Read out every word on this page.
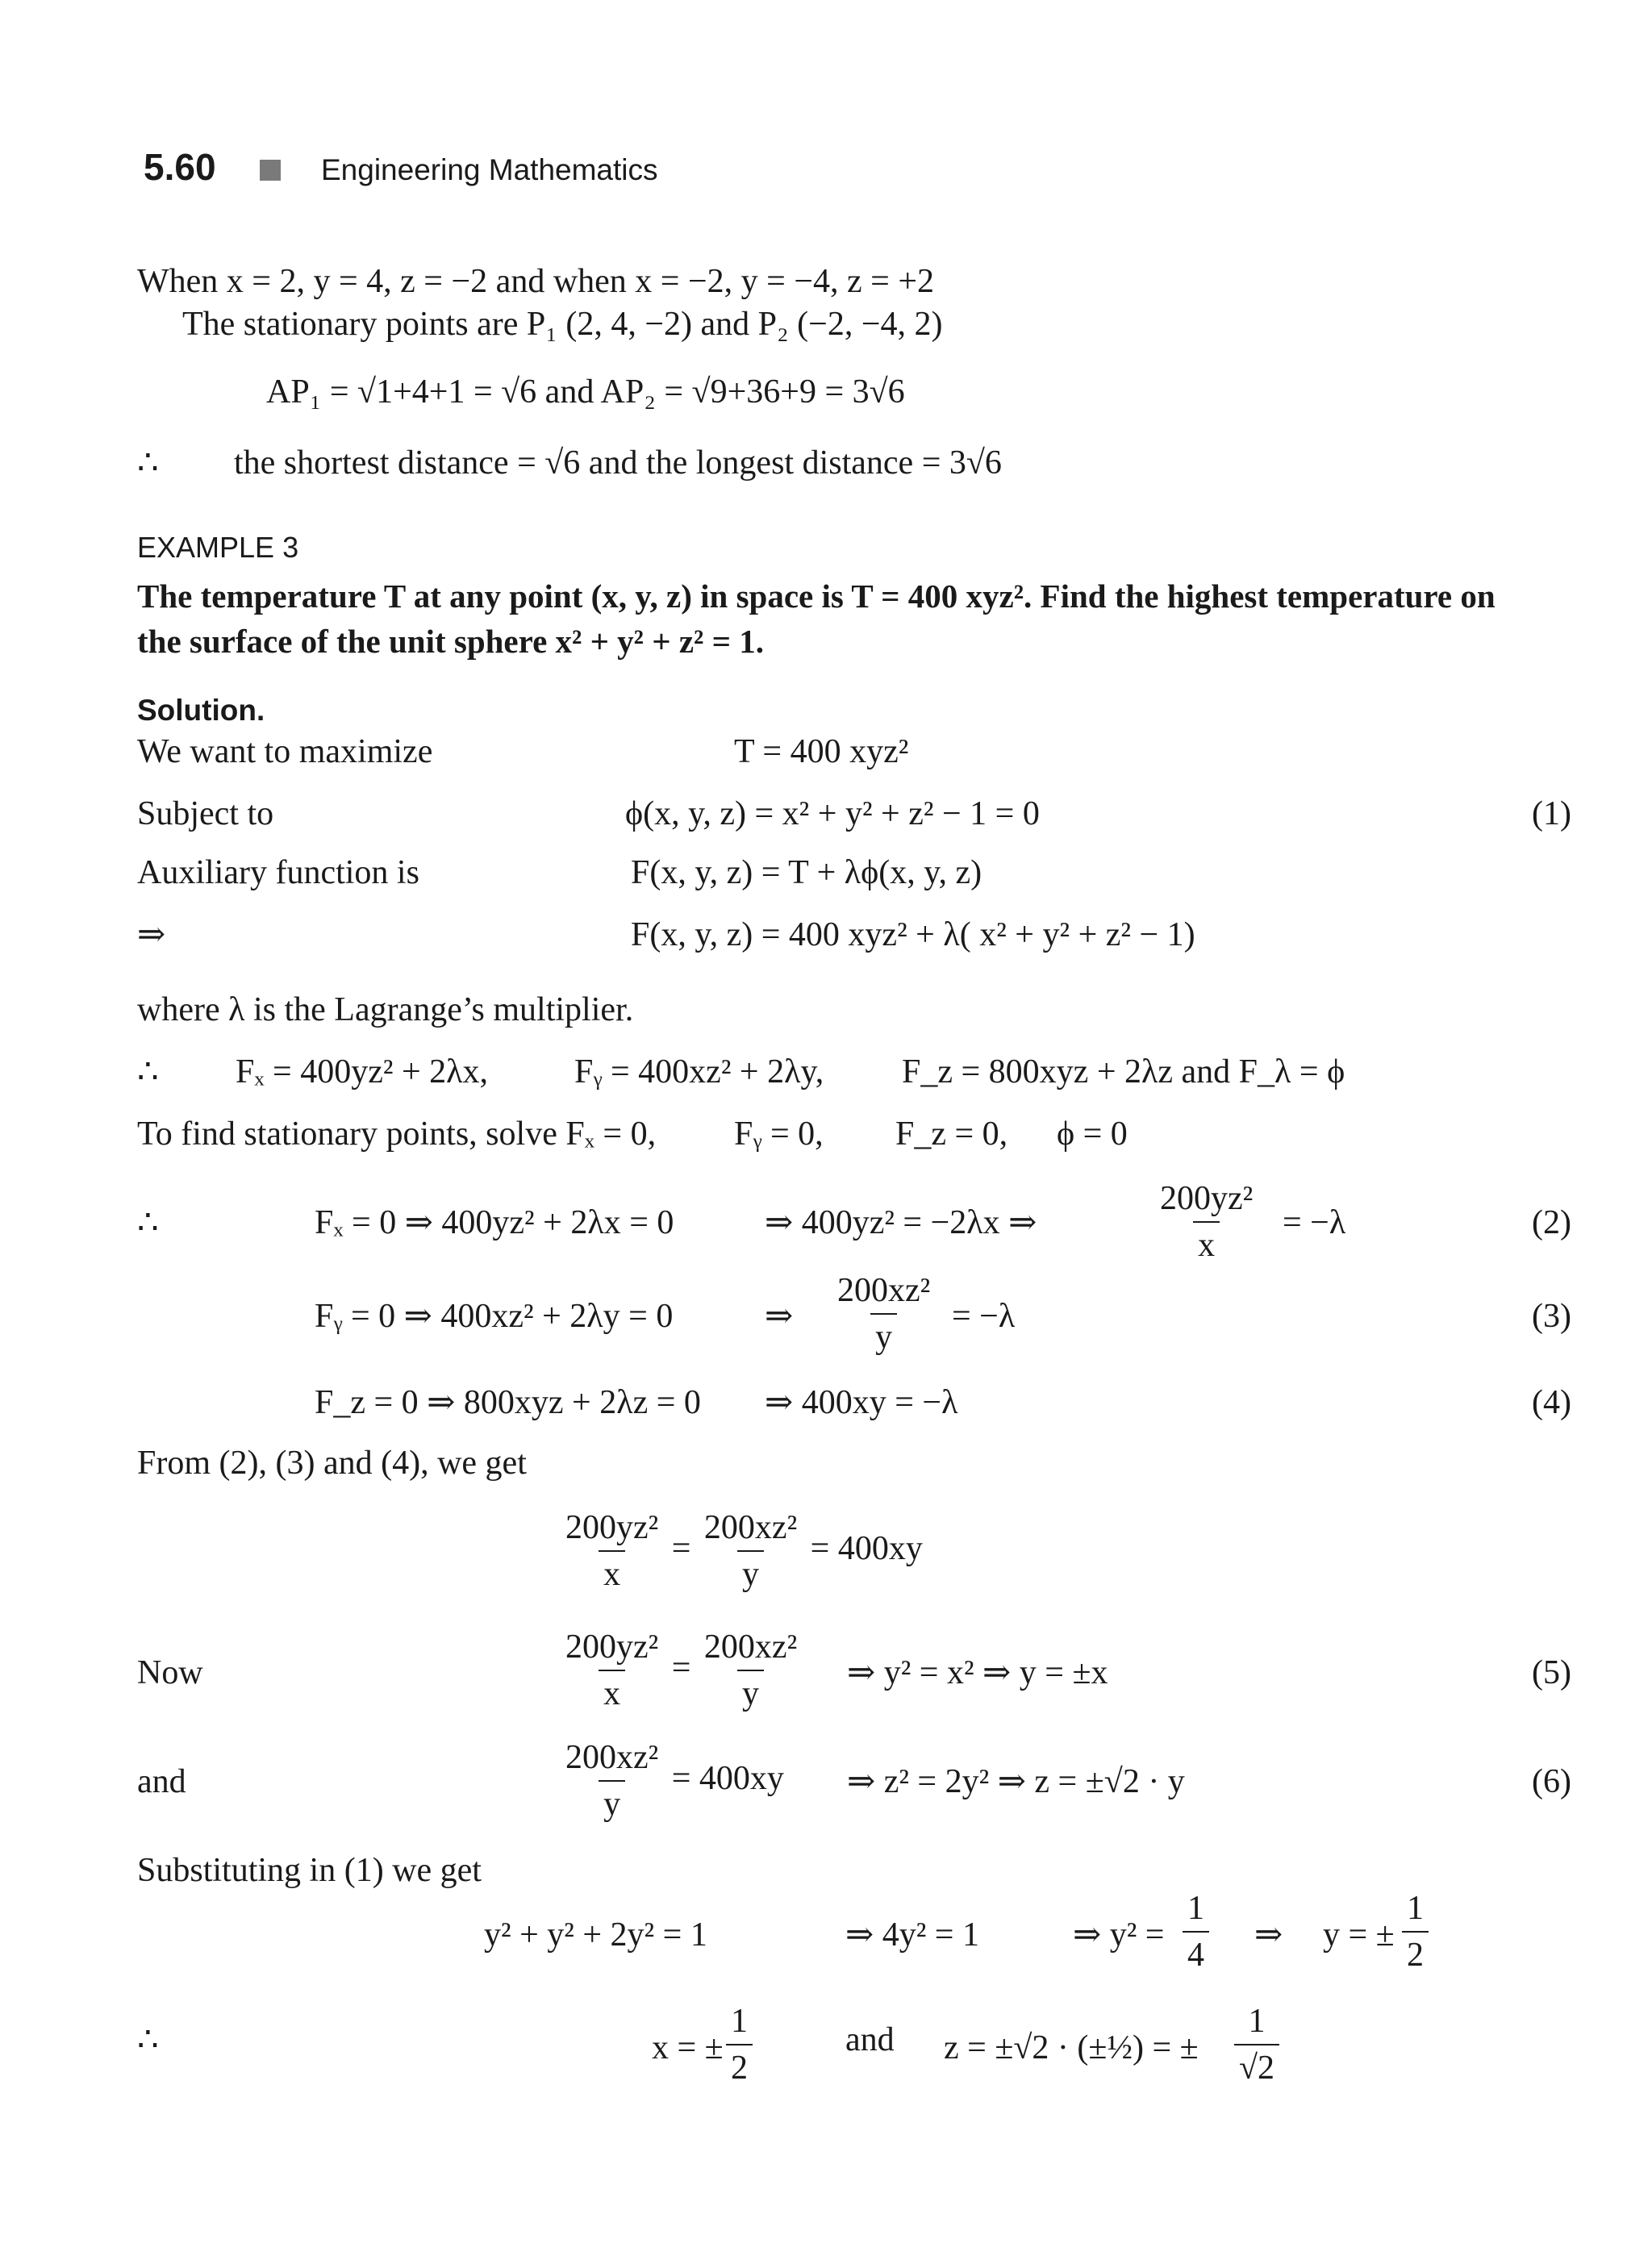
5.60	Engineering Mathematics
When x = 2, y = 4, z = −2 and when x = −2, y = −4, z = +2
The stationary points are P₁ (2, 4, −2) and P₂ (−2, −4, 2)
AP₁ = √1+4+1 = √6 and AP₂ = √9+36+9 = 3√6
∴ the shortest distance = √6 and the longest distance = 3√6
EXAMPLE 3
The temperature T at any point (x, y, z) in space is T = 400 xyz². Find the highest temperature on
the surface of the unit sphere x² + y² + z² = 1.
Solution.
We want to maximize	T = 400 xyz²
Subject to	ϕ(x, y, z) = x² + y² + z² − 1 = 0	(1)
Auxiliary function is	F(x, y, z) = T + λϕ(x, y, z)
⇒	F(x, y, z) = 400 xyz² + λ( x² + y² + z² − 1)
where λ is the Lagrange’s multiplier.
∴ Fₓ = 400yz² + 2λx,	Fᵧ = 400xz² + 2λy, F_z = 800xyz + 2λz and F_λ = ϕ
To find stationary points, solve Fₓ = 0, Fᵧ = 0, F_z = 0, ϕ = 0
∴	Fₓ = 0 ⇒ 400yz² + 2λx = 0	⇒ 400yz² = −2λx ⇒	$\frac{\text{200yz²}}{x} = -\lambda$	(2)
Fᵧ = 0 ⇒ 400xz² + 2λy = 0	⇒ $\frac{\text{200xz²}}{y} = -\lambda$	(3)
F_z = 0 ⇒ 800xyz + 2λz = 0 ⇒ 400xy = −λ	(4)
From (2), (3) and (4), we get
$\frac{\text{200yz²}}{x} = \frac{\text{200xz²}}{y} = 400xy$
Now	$\frac{\text{200yz²}}{x} = \frac{\text{200xz²}}{y}$ ⇒ y² = x² ⇒ y = ±x	(5)
and	$\frac{\text{200xz²}}{y} = 400xy$ ⇒ z² = 2y² ⇒ z = ±√2 · y	(6)
Substituting in (1) we get
y² + y² + 2y² = 1	⇒ 4y² = 1	⇒ $y^2 = \frac{1}{4}$ ⇒ y = ± $\frac{1}{2}$
∴	x = ± $\frac{1}{2}$	and z = ±√2 · (±½) = ± $\frac{1}{√2}$
